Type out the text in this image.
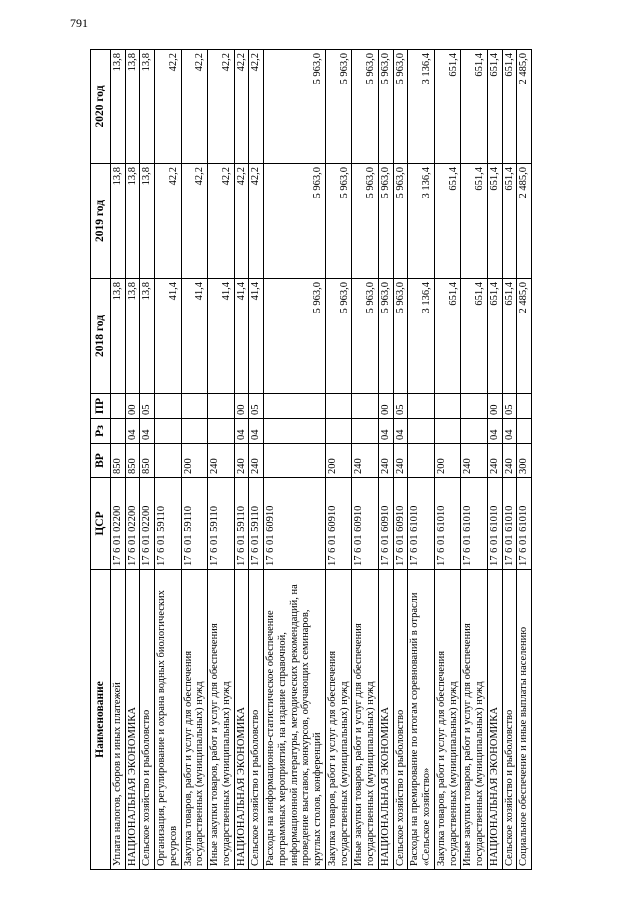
791
Наименование	ЦСР	ВР	Рз	ПР	2018 год	2019 год	2020 год
Уплата налогов, сборов и иных платежей	17 6 01 02200	850			13,8	13,8	13,8
НАЦИОНАЛЬНАЯ ЭКОНОМИКА	17 6 01 02200	850	04	00	13,8	13,8	13,8
Сельское хозяйство и рыболовство	17 6 01 02200	850	04	05	13,8	13,8	13,8
Организация, регулирование и охрана водных биологических ресурсов	17 6 01 59110				41,4	42,2	42,2
Закупка товаров, работ и услуг для обеспечения государственных (муниципальных) нужд	17 6 01 59110	200			41,4	42,2	42,2
Иные закупки товаров, работ и услуг для обеспечения государственных (муниципальных) нужд	17 6 01 59110	240			41,4	42,2	42,2
НАЦИОНАЛЬНАЯ ЭКОНОМИКА	17 6 01 59110	240	04	00	41,4	42,2	42,2
Сельское хозяйство и рыболовство	17 6 01 59110	240	04	05	41,4	42,2	42,2
Расходы на информационно-статистическое обеспечение программных мероприятий, на издание справочной, информационной литературы, методических рекомендаций, на проведение выставок, конкурсов, обучающих семинаров, круглых столов, конференций	17 6 01 60910				5 963,0	5 963,0	5 963,0
Закупка товаров, работ и услуг для обеспечения государственных (муниципальных) нужд	17 6 01 60910	200			5 963,0	5 963,0	5 963,0
Иные закупки товаров, работ и услуг для обеспечения государственных (муниципальных) нужд	17 6 01 60910	240			5 963,0	5 963,0	5 963,0
НАЦИОНАЛЬНАЯ ЭКОНОМИКА	17 6 01 60910	240	04	00	5 963,0	5 963,0	5 963,0
Сельское хозяйство и рыболовство	17 6 01 60910	240	04	05	5 963,0	5 963,0	5 963,0
Расходы на премирование по итогам соревнований в отрасли «Сельское хозяйство»	17 6 01 61010				3 136,4	3 136,4	3 136,4
Закупка товаров, работ и услуг для обеспечения государственных (муниципальных) нужд	17 6 01 61010	200			651,4	651,4	651,4
Иные закупки товаров, работ и услуг для обеспечения государственных (муниципальных) нужд	17 6 01 61010	240			651,4	651,4	651,4
НАЦИОНАЛЬНАЯ ЭКОНОМИКА	17 6 01 61010	240	04	00	651,4	651,4	651,4
Сельское хозяйство и рыболовство	17 6 01 61010	240	04	05	651,4	651,4	651,4
Социальное обеспечение и иные выплаты населению	17 6 01 61010	300			2 485,0	2 485,0	2 485,0
